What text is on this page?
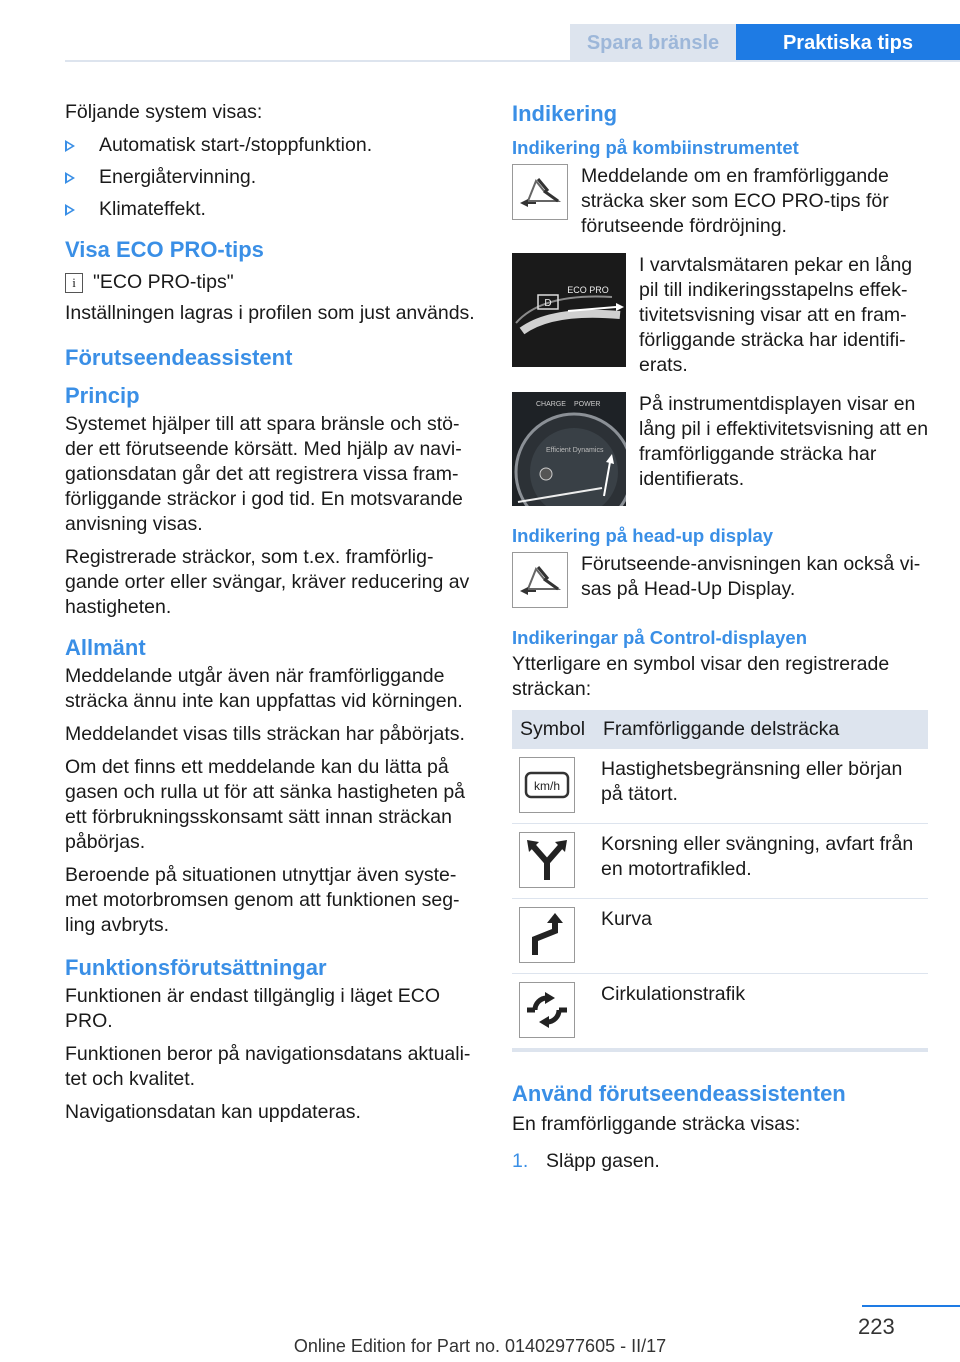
Spara bränsle	Praktiska tips

Följande system visas:

Automatisk start-/stoppfunktion.
Energiåtervinning.
Klimateffekt.
Visa ECO PRO-tips
i "ECO PRO-tips"

Inställningen lagras i profilen som just används.

Förutseendeassistent
Princip

Systemet hjälper till att spara bränsle och stö-der ett förutseende körsätt. Med hjälp av navi-gationsdatan går det att registrera vissa fram-förliggande sträckor i god tid. En motsvarande anvisning visas.

Registrerade sträckor, som t.ex. framförlig-gande orter eller svängar, kräver reducering av hastigheten.

Allmänt

Meddelande utgår även när framförliggande sträcka ännu inte kan uppfattas vid körningen.

Meddelandet visas tills sträckan har påbörjats.

Om det finns ett meddelande kan du lätta på gasen och rulla ut för att sänka hastigheten på ett förbrukningsskonsamt sätt innan sträckan påbörjas.

Beroende på situationen utnyttjar även syste-met motorbromsen genom att funktionen seg-ling avbryts.

Funktionsförutsättningar

Funktionen är endast tillgänglig i läget ECO PRO.

Funktionen beror på navigationsdatans aktuali-tet och kvalitet.

Navigationsdatan kan uppdateras.

Indikering
Indikering på kombiinstrumentet

Meddelande om en framförliggande sträcka sker som ECO PRO-tips för förutseende fördröjning.

D
ECO PRO

I varvtalsmätaren pekar en lång pil till indikeringsstapelns effek-tivitetsvisning visar att en fram-förliggande sträcka har identifi-erats.

CHARGE POWER
Efficient Dynamics

På instrumentdisplayen visar en lång pil i effektivitetsvisning att en framförliggande sträcka har identifierats.

Indikering på head-up display

Förutseende-anvisningen kan också vi-sas på Head-Up Display.

Indikeringar på Control-displayen

Ytterligare en symbol visar den registrerade sträckan:

Symbol	Framförliggande delsträcka

km/h	Hastighetsbegränsning eller början på tätort.

	Korsning eller svängning, avfart från en motortrafikled.

	Kurva

	Cirkulationstrafik
Använd förutseendeassistenten

En framförliggande sträcka visas:

1. Släpp gasen.
223
Online Edition for Part no. 01402977605 - II/17
